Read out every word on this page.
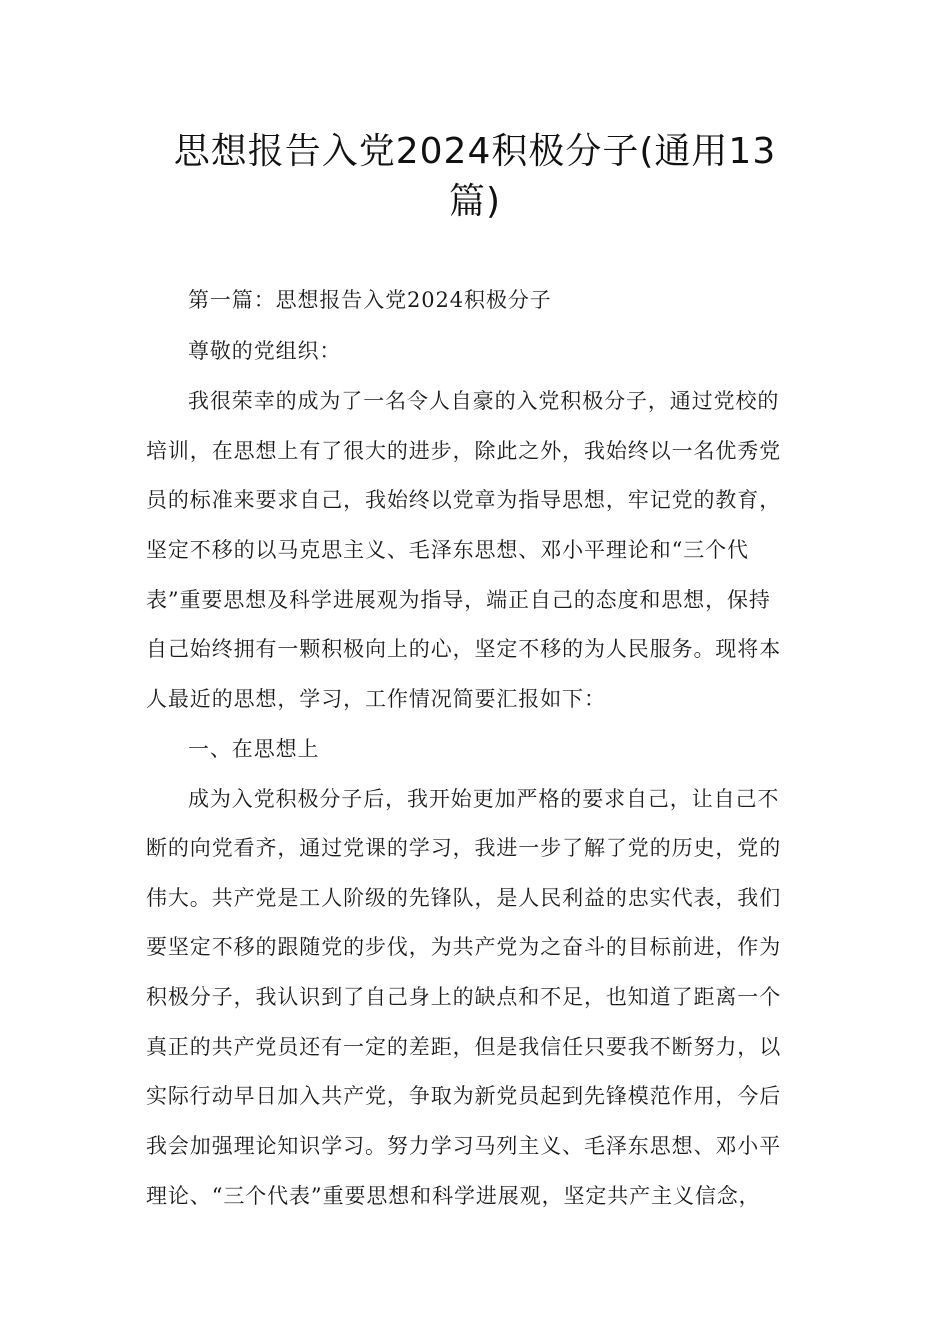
思想报告入党2024积极分子(通用13
篇)
第一篇：思想报告入党2024积极分子
尊敬的党组织：
我很荣幸的成为了一名令人自豪的入党积极分子，通过党校的
培训，在思想上有了很大的进步，除此之外，我始终以一名优秀党
员的标准来要求自己，我始终以党章为指导思想，牢记党的教育，
坚定不移的以马克思主义、毛泽东思想、邓小平理论和“三个代
表”重要思想及科学进展观为指导，端正自己的态度和思想，保持
自己始终拥有一颗积极向上的心，坚定不移的为人民服务。现将本
人最近的思想，学习，工作情况简要汇报如下：
一、在思想上
成为入党积极分子后，我开始更加严格的要求自己，让自己不
断的向党看齐，通过党课的学习，我进一步了解了党的历史，党的
伟大。共产党是工人阶级的先锋队，是人民利益的忠实代表，我们
要坚定不移的跟随党的步伐，为共产党为之奋斗的目标前进，作为
积极分子，我认识到了自己身上的缺点和不足，也知道了距离一个
真正的共产党员还有一定的差距，但是我信任只要我不断努力，以
实际行动早日加入共产党，争取为新党员起到先锋模范作用，今后
我会加强理论知识学习。努力学习马列主义、毛泽东思想、邓小平
理论、“三个代表”重要思想和科学进展观，坚定共产主义信念，
